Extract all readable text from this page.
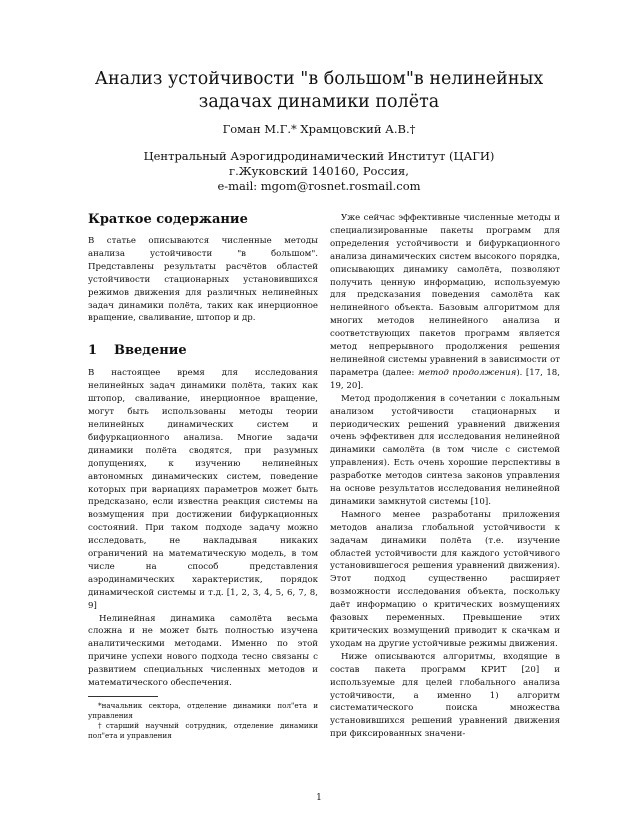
Анализ устойчивости "в большом"в нелинейных задачах динамики полёта
Гоман М.Г.* Храмцовский А.В.†
Центральный Аэрогидродинамический Институт (ЦАГИ)
г.Жуковский 140160, Россия,
e-mail: mgom@rosnet.rosmail.com
Краткое содержание

В статье описываются численные методы анализа устойчивости "в большом". Представлены результаты расчётов областей устойчивости стационарных установившихся режимов движения для различных нелинейных задач динамики полёта, таких как инерционное вращение, сваливание, штопор и др.

1 Введение

В настоящее время для исследования нелинейных задач динамики полёта, таких как штопор, сваливание, инерционное вращение, могут быть использованы методы теории нелинейных динамических систем и бифуркационного анализа. Многие задачи динамики полёта сводятся, при разумных допущениях, к изучению нелинейных автономных динамических систем, поведение которых при вариациях параметров может быть предсказано, если известна реакция системы на возмущения при достижении бифуркационных состояний. При таком подходе задачу можно исследовать, не накладывая никаких ограничений на математическую модель, в том числе на способ представления аэродинамических характеристик, порядок динамической системы и т.д. [1, 2, 3, 4, 5, 6, 7, 8, 9]

Нелинейная динамика самолёта весьма сложна и не может быть полностью изучена аналитическими методами. Именно по этой причине успехи нового подхода тесно связаны с развитием специальных численных методов и математического обеспечения.

*начальник сектора, отделение динамики пол"ета и управления

†старший научный сотрудник, отделение динамики пол"ета и управления

Уже сейчас эффективные численные методы и специализированные пакеты программ для определения устойчивости и бифуркационного анализа динамических систем высокого порядка, описывающих динамику самолёта, позволяют получить ценную информацию, используемую для предсказания поведения самолёта как нелинейного объекта. Базовым алгоритмом для многих методов нелинейного анализа и соответствующих пакетов программ является метод непрерывного продолжения решения нелинейной системы уравнений в зависимости от параметра (далее: метод продолжения). [17, 18, 19, 20].

Метод продолжения в сочетании с локальным анализом устойчивости стационарных и периодических решений уравнений движения очень эффективен для исследования нелинейной динамики самолёта (в том числе с системой управления). Есть очень хорошие перспективы в разработке методов синтеза законов управления на основе результатов исследования нелинейной динамики замкнутой системы [10].

Намного менее разработаны приложения методов анализа глобальной устойчивости к задачам динамики полёта (т.е. изучение областей устойчивости для каждого устойчивого установившегося решения уравнений движения). Этот подход существенно расширяет возможности исследования объекта, поскольку даёт информацию о критических возмущениях фазовых переменных. Превышение этих критических возмущений приводит к скачкам и уходам на другие устойчивые режимы движения.

Ниже описываются алгоритмы, входящие в состав пакета программ КРИТ [20] и используемые для целей глобального анализа устойчивости, а именно 1) алгоритм систематического поиска множества установившихся решений уравнений движения при фиксированных значени-

1
